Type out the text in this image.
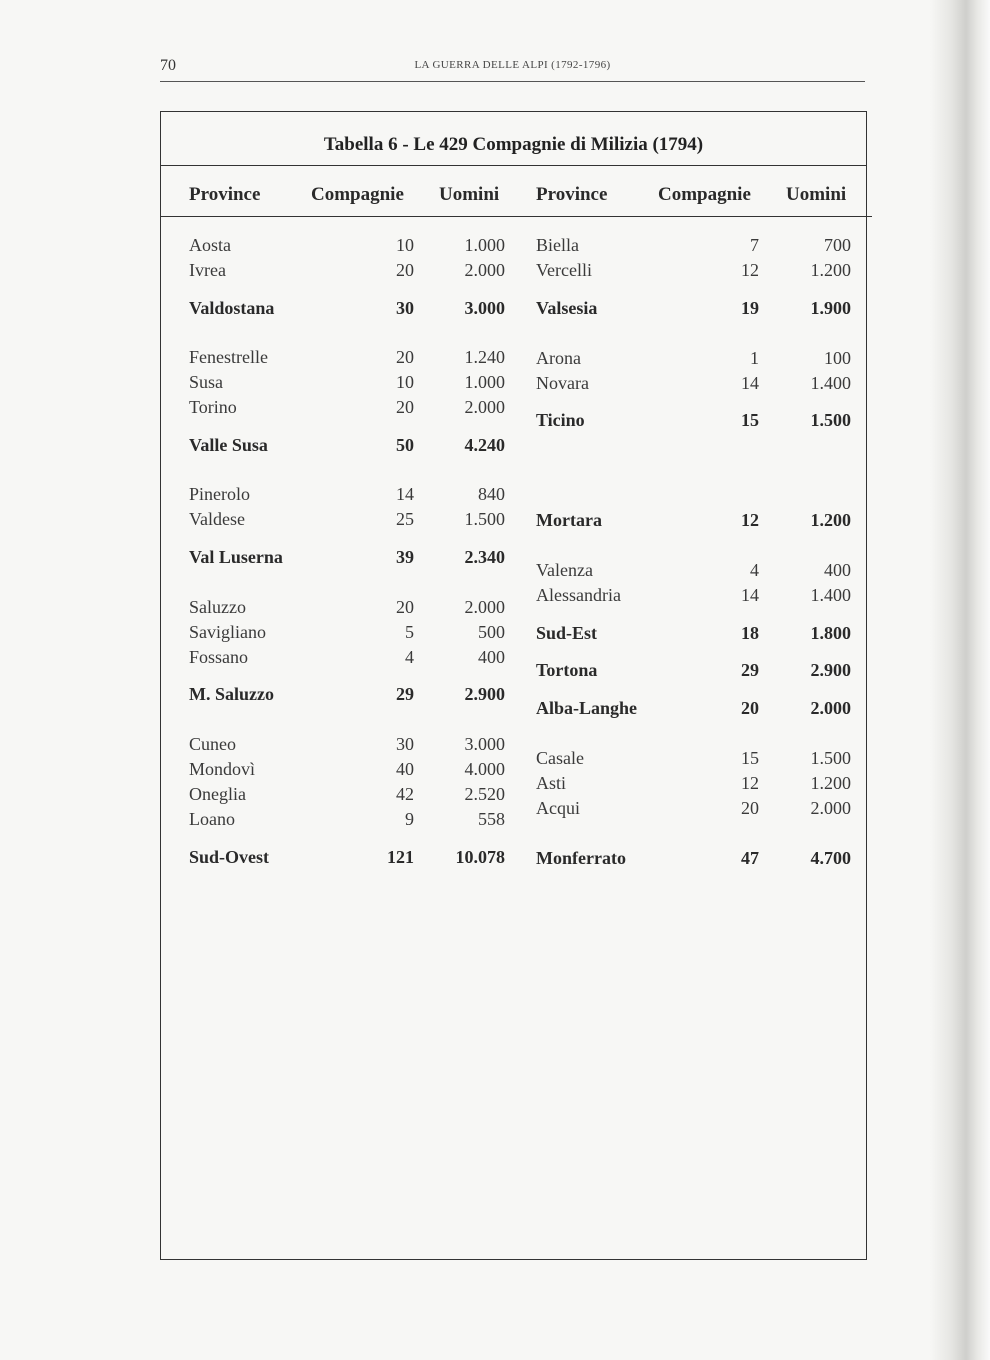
70	LA GUERRA DELLE ALPI (1792-1796)
Tabella 6 - Le 429 Compagnie di Milizia (1794)
Province	Compagnie Uomini Province	Compagnie Uomini
Aosta	10	1.000
Ivrea	20	2.000
Valdostana	30	3.000
Fenestrelle	20	1.240
Susa	10	1.000
Torino	20	2.000
Valle Susa	50	4.240
Pinerolo	14	840
Valdese	25	1.500
Val Luserna	39	2.340
Saluzzo	20	2.000
Savigliano	5	500
Fossano	4	400
M. Saluzzo	29	2.900
Cuneo	30	3.000
Mondovì	40	4.000
Oneglia	42	2.520
Loano	9	558
Sud-Ovest	121	10.078
Biella	7	700
Vercelli	12	1.200
Valsesia	19	1.900
Arona	1	100
Novara	14	1.400
Ticino	15	1.500
Mortara	12	1.200
Valenza	4	400
Alessandria	14	1.400
Sud-Est	18	1.800
Tortona	29	2.900
Alba-Langhe	20	2.000
Casale	15	1.500
Asti	12	1.200
Acqui	20	2.000
Monferrato	47	4.700
